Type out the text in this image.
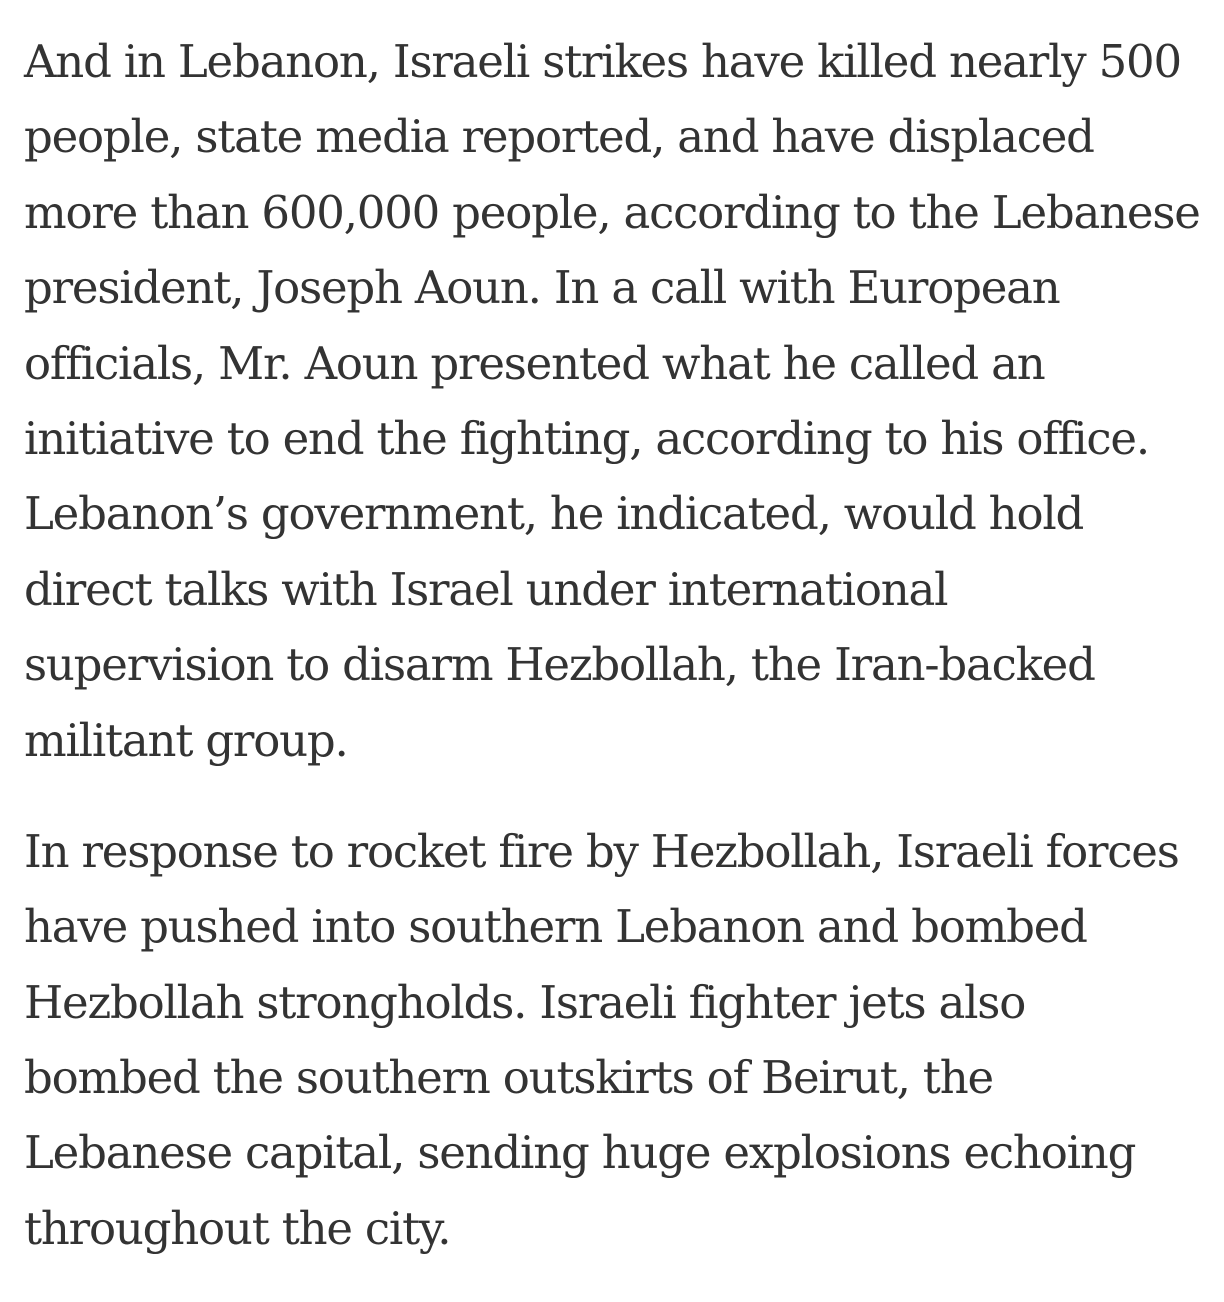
And in Lebanon, Israeli strikes have killed nearly 500
people, state media reported, and have displaced
more than 600,000 people, according to the Lebanese
president, Joseph Aoun. In a call with European
officials, Mr. Aoun presented what he called an
initiative to end the fighting, according to his office.
Lebanon’s government, he indicated, would hold
direct talks with Israel under international
supervision to disarm Hezbollah, the Iran-backed
militant group.

In response to rocket fire by Hezbollah, Israeli forces
have pushed into southern Lebanon and bombed
Hezbollah strongholds. Israeli fighter jets also
bombed the southern outskirts of Beirut, the
Lebanese capital, sending huge explosions echoing
throughout the city.
